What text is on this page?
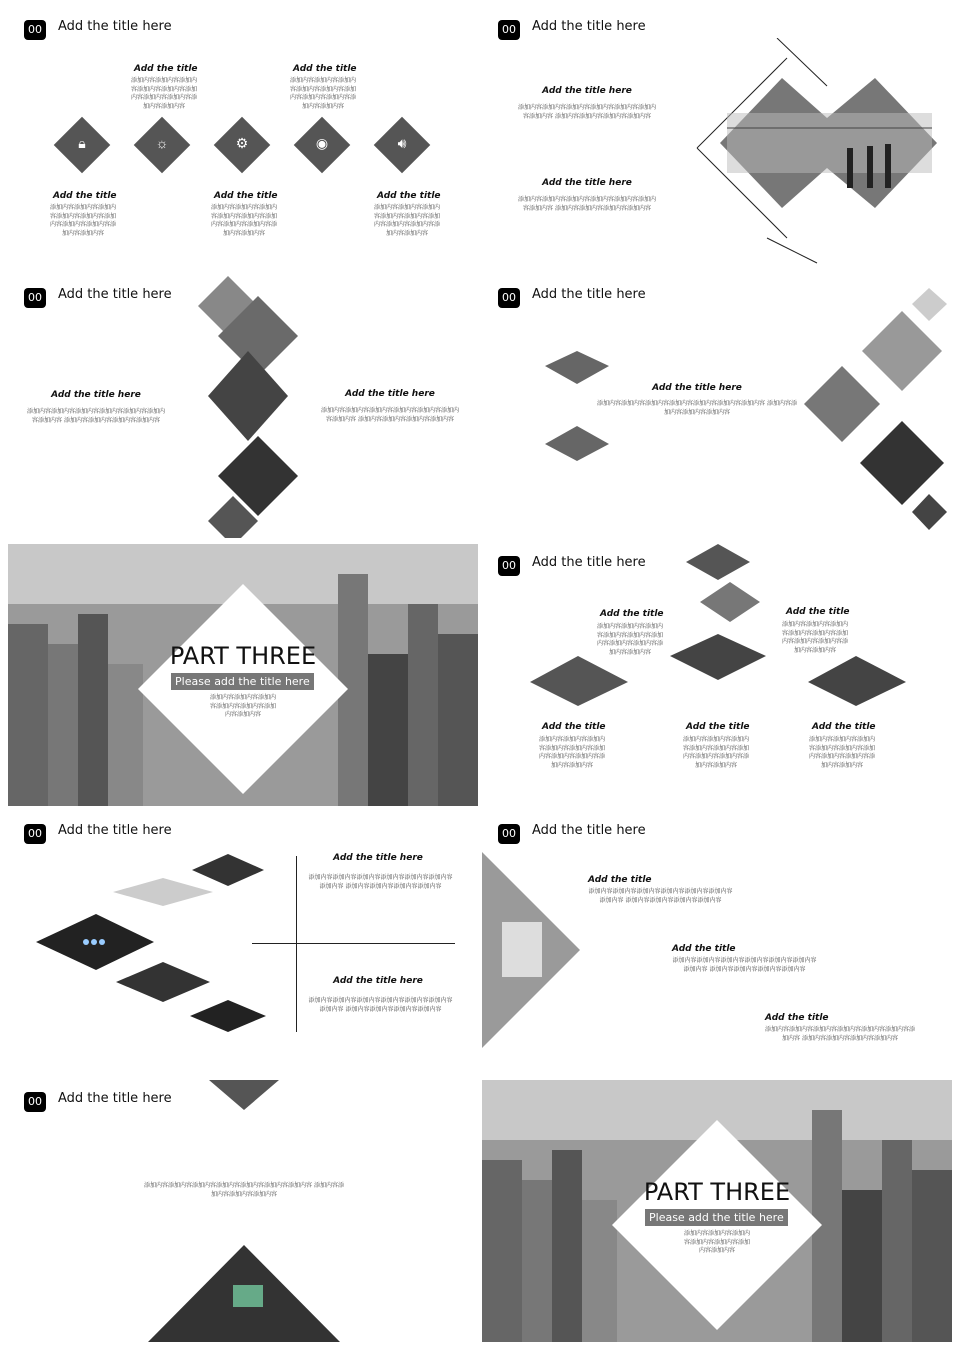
00	Add the title here
Add the title
添加内容添加内容添加内容添加内容添加内容添加内容添加内容添加内容添加内容添加内容
Add the title
添加内容添加内容添加内容添加内容添加内容添加内容添加内容添加内容添加内容添加内容
🔒︎	☼	⚙	◉	🔊︎
Add the title
添加内容添加内容添加内容添加内容添加内容添加内容添加内容添加内容添加内容添加内容
Add the title
添加内容添加内容添加内容添加内容添加内容添加内容添加内容添加内容添加内容添加内容
Add the title
添加内容添加内容添加内容添加内容添加内容添加内容添加内容添加内容添加内容添加内容
00	Add the title here
Add the title here
添加内容添加内容添加内容添加内容添加内容添加内容添加内容 添加内容添加内容添加内容添加内容
Add the title here
添加内容添加内容添加内容添加内容添加内容添加内容添加内容 添加内容添加内容添加内容添加内容
00	Add the title here
Add the title here
添加内容添加内容添加内容添加内容添加内容添加内容添加内容 添加内容添加内容添加内容添加内容
Add the title here
添加内容添加内容添加内容添加内容添加内容添加内容添加内容 添加内容添加内容添加内容添加内容
00	Add the title here
Add the title here
添加内容添加内容添加内容添加内容添加内容添加内容添加内容 添加内容添加内容添加内容添加内容
PART THREE
Please add the title here
添加内容添加内容添加内容添加内容添加内容添加内容添加内容
00	Add the title here
Add the title
添加内容添加内容添加内容添加内容添加内容添加内容添加内容添加内容添加内容添加内容
Add the title
添加内容添加内容添加内容添加内容添加内容添加内容添加内容添加内容添加内容添加内容
Add the title
添加内容添加内容添加内容添加内容添加内容添加内容添加内容添加内容添加内容添加内容
Add the title
添加内容添加内容添加内容添加内容添加内容添加内容添加内容添加内容添加内容添加内容
Add the title
添加内容添加内容添加内容添加内容添加内容添加内容添加内容添加内容添加内容添加内容
00	Add the title here
Add the title here
添加内容添加内容添加内容添加内容添加内容添加内容添加内容 添加内容添加内容添加内容添加内容
Add the title here
添加内容添加内容添加内容添加内容添加内容添加内容添加内容 添加内容添加内容添加内容添加内容
00	Add the title here
Add the title
添加内容添加内容添加内容添加内容添加内容添加内容添加内容 添加内容添加内容添加内容添加内容
Add the title
添加内容添加内容添加内容添加内容添加内容添加内容添加内容 添加内容添加内容添加内容添加内容
Add the title
添加内容添加内容添加内容添加内容添加内容添加内容添加内容 添加内容添加内容添加内容添加内容
00	Add the title here
添加内容添加内容添加内容添加内容添加内容添加内容添加内容 添加内容添加内容添加内容添加内容	PART THREE
Please add the title here
添加内容添加内容添加内容添加内容添加内容添加内容添加内容
